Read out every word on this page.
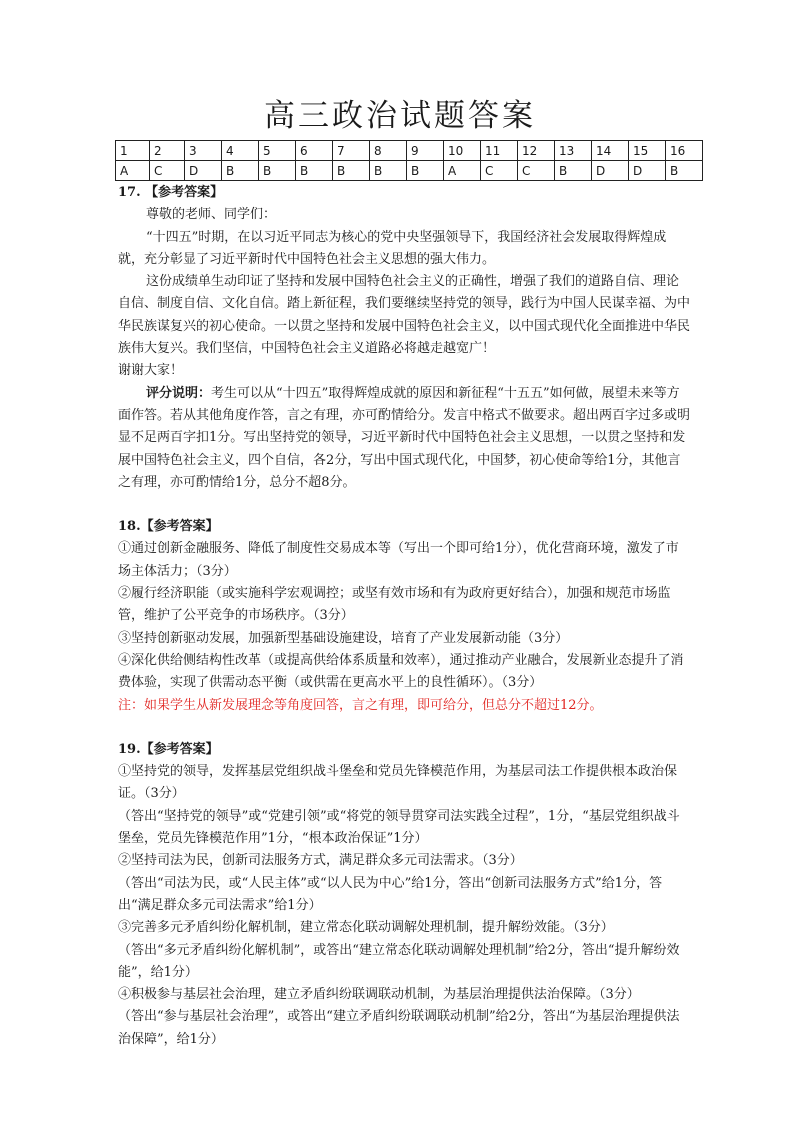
高三政治试题答案
1	2	3	4	5	6	7	8	9	10	11	12	13	14	15	16
A	C	D	B	B	B	B	B	B	A	C	C	B	D	D	B

17. 【参考答案】

尊敬的老师、同学们：

“十四五”时期，在以习近平同志为核心的党中央坚强领导下，我国经济社会发展取得辉煌成就，充分彰显了习近平新时代中国特色社会主义思想的强大伟力。

这份成绩单生动印证了坚持和发展中国特色社会主义的正确性，增强了我们的道路自信、理论自信、制度自信、文化自信。踏上新征程，我们要继续坚持党的领导，践行为中国人民谋幸福、为中华民族谋复兴的初心使命。一以贯之坚持和发展中国特色社会主义，以中国式现代化全面推进中华民族伟大复兴。我们坚信，中国特色社会主义道路必将越走越宽广！

谢谢大家！

评分说明：考生可以从“十四五”取得辉煌成就的原因和新征程“十五五”如何做，展望未来等方面作答。若从其他角度作答，言之有理，亦可酌情给分。发言中格式不做要求。超出两百字过多或明显不足两百字扣1分。写出坚持党的领导，习近平新时代中国特色社会主义思想，一以贯之坚持和发展中国特色社会主义，四个自信，各2分，写出中国式现代化，中国梦，初心使命等给1分，其他言之有理，亦可酌情给1分，总分不超8分。

18.【参考答案】

①通过创新金融服务、降低了制度性交易成本等（写出一个即可给1分），优化营商环境，激发了市场主体活力；（3分）

②履行经济职能（或实施科学宏观调控；或坚有效市场和有为政府更好结合），加强和规范市场监管，维护了公平竞争的市场秩序。（3分）

③坚持创新驱动发展，加强新型基础设施建设，培育了产业发展新动能（3分）

④深化供给侧结构性改革（或提高供给体系质量和效率），通过推动产业融合，发展新业态提升了消费体验，实现了供需动态平衡（或供需在更高水平上的良性循环）。（3分）

注：如果学生从新发展理念等角度回答，言之有理，即可给分，但总分不超过12分。

19.【参考答案】

①坚持党的领导，发挥基层党组织战斗堡垒和党员先锋模范作用，为基层司法工作提供根本政治保证。（3分）

（答出“坚持党的领导”或“党建引领”或“将党的领导贯穿司法实践全过程”，1分，“基层党组织战斗堡垒，党员先锋模范作用”1分，“根本政治保证”1分）

②坚持司法为民，创新司法服务方式，满足群众多元司法需求。（3分）

（答出“司法为民，或“人民主体”或“以人民为中心”给1分，答出“创新司法服务方式”给1分，答出“满足群众多元司法需求”给1分）

③完善多元矛盾纠纷化解机制，建立常态化联动调解处理机制，提升解纷效能。（3分）

（答出“多元矛盾纠纷化解机制”，或答出“建立常态化联动调解处理机制”给2分，答出“提升解纷效能”，给1分）

④积极参与基层社会治理，建立矛盾纠纷联调联动机制，为基层治理提供法治保障。（3分）

（答出“参与基层社会治理”，或答出“建立矛盾纠纷联调联动机制”给2分，答出“为基层治理提供法治保障”，给1分）
